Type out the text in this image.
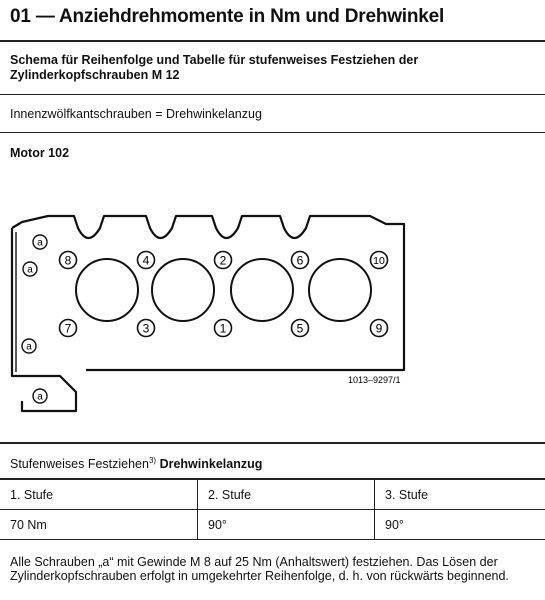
01 — Anziehdrehmomente in Nm und Drehwinkel

Schema für Reihenfolge und Tabelle für stufenweises Festziehen der Zylinderkopfschrauben M 12

Innenzwölfkantschrauben = Drehwinkelanzug
Motor 102
8	4	2	6	10
7	3	1	5	9
a
a
a
a
1013–9297/1
Stufenweises Festziehen$^{3)}$ Drehwinkelanzug
1. Stufe	2. Stufe	3. Stufe
70 Nm	90°	90°

Alle Schrauben „a“ mit Gewinde M 8 auf 25 Nm (Anhaltswert) festziehen. Das Lösen der Zylinderkopfschrauben erfolgt in umgekehrter Reihenfolge, d. h. von rückwärts beginnend.
